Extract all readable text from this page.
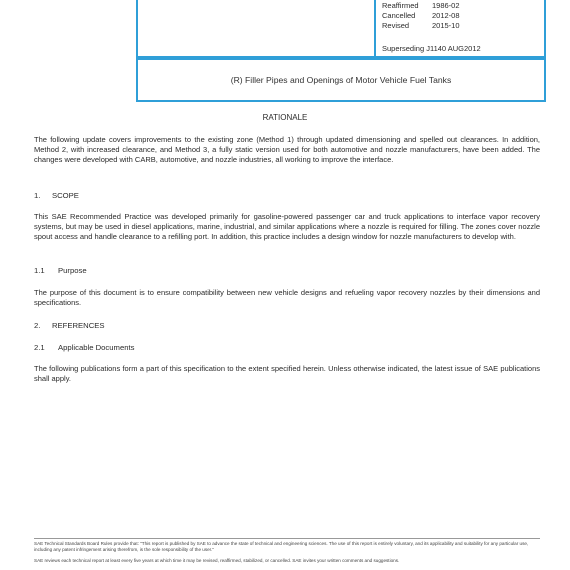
Reaffirmed	1986-02
Cancelled	2012-08
Revised	2015-10
Superseding J1140 AUG2012
(R) Filler Pipes and Openings of Motor Vehicle Fuel Tanks
RATIONALE
The following update covers improvements to the existing zone (Method 1) through updated dimensioning and spelled out clearances. In addition, Method 2, with increased clearance, and Method 3, a fully static version used for both automotive and nozzle manufacturers, have been added. The changes were developed with CARB, automotive, and nozzle industries, all working to improve the interface.
1. SCOPE
This SAE Recommended Practice was developed primarily for gasoline-powered passenger car and truck applications to interface vapor recovery systems, but may be used in diesel applications, marine, industrial, and similar applications where a nozzle is required for filling. The zones cover nozzle spout access and handle clearance to a refilling port. In addition, this practice includes a design window for nozzle manufacturers to develop with.
1.1 Purpose
The purpose of this document is to ensure compatibility between new vehicle designs and refueling vapor recovery nozzles by their dimensions and specifications.
2. REFERENCES
2.1 Applicable Documents
The following publications form a part of this specification to the extent specified herein. Unless otherwise indicated, the latest issue of SAE publications shall apply.
SAE Technical Standards Board Rules provide that: "This report is published by SAE to advance the state of technical and engineering sciences. The use of this report is entirely voluntary, and its applicability and suitability for any particular use, including any patent infringement arising therefrom, is the sole responsibility of the user."
SAE reviews each technical report at least every five years at which time it may be revised, reaffirmed, stabilized, or cancelled. SAE invites your written comments and suggestions.
